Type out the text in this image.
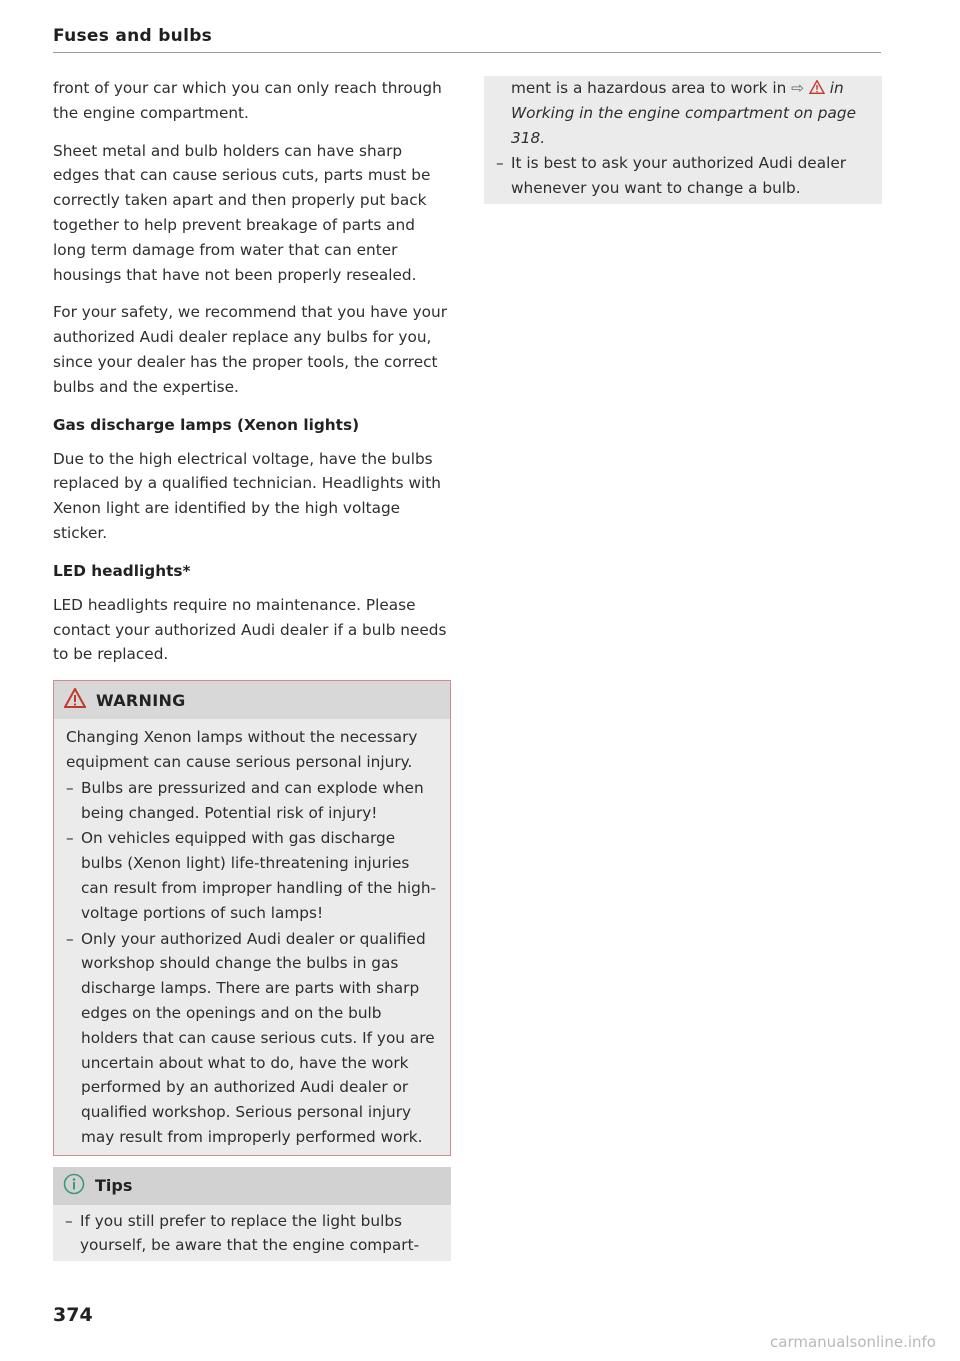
Fuses and bulbs

front of your car which you can only reach through the engine compartment.

Sheet metal and bulb holders can have sharp edges that can cause serious cuts, parts must be correctly taken apart and then properly put back together to help prevent breakage of parts and long term damage from water that can enter housings that have not been properly resealed.

For your safety, we recommend that you have your authorized Audi dealer replace any bulbs for you, since your dealer has the proper tools, the correct bulbs and the expertise.

Gas discharge lamps (Xenon lights)

Due to the high electrical voltage, have the bulbs replaced by a qualified technician. Headlights with Xenon light are identified by the high voltage sticker.

LED headlights*

LED headlights require no maintenance. Please contact your authorized Audi dealer if a bulb needs to be replaced.

WARNING

Changing Xenon lamps without the necessary equipment can cause serious personal injury.

– Bulbs are pressurized and can explode when being changed. Potential risk of injury!
– On vehicles equipped with gas discharge bulbs (Xenon light) life-threatening injuries can result from improper handling of the high-voltage portions of such lamps!
– Only your authorized Audi dealer or qualified workshop should change the bulbs in gas discharge lamps. There are parts with sharp edges on the openings and on the bulb holders that can cause serious cuts. If you are uncertain about what to do, have the work performed by an authorized Audi dealer or qualified workshop. Serious personal injury may result from improperly performed work.
Tips
– If you still prefer to replace the light bulbs yourself, be aware that the engine compart-
ment is a hazardous area to work in ⇨ in Working in the engine compartment on page 318.
– It is best to ask your authorized Audi dealer whenever you want to change a bulb.
374
carmanualsonline.info
